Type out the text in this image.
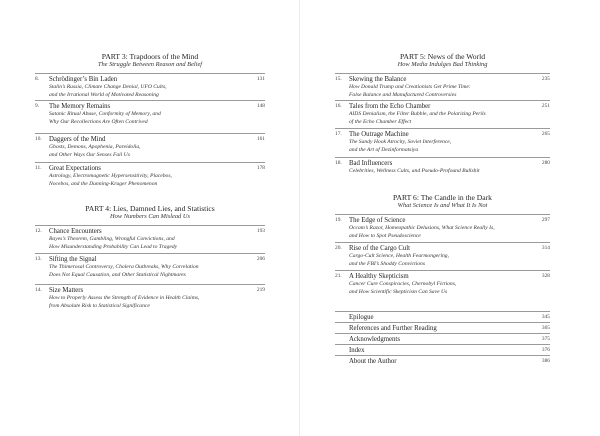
PART 3: Trapdoors of the Mind
The Struggle Between Reason and Belief
8. Schrödinger’s Bin Laden	131
Stalin’s Russia, Climate Change Denial, UFO Cults,
and the Irrational World of Motivated Reasoning
9. The Memory Remains	148
Satanic Ritual Abuse, Conformity of Memory, and
Why Our Recollections Are Often Contrived
10. Daggers of the Mind	161
Ghosts, Demons, Apophenia, Pareidolia,
and Other Ways Our Senses Fail Us
11. Great Expectations	178
Astrology, Electromagnetic Hypersensitivity, Placebos,
Nocebos, and the Dunning-Kruger Phenomenon
PART 4: Lies, Damned Lies, and Statistics
How Numbers Can Mislead Us
12. Chance Encounters	193
Bayes’s Theorem, Gambling, Wrongful Convictions, and
How Misunderstanding Probability Can Lead to Tragedy
13. Sifting the Signal	206
The Thimerosal Controversy, Cholera Outbreaks, Why Correlation
Does Not Equal Causation, and Other Statistical Nightmares
14. Size Matters	219
How to Properly Assess the Strength of Evidence in Health Claims,
from Absolute Risk to Statistical Significance
PART 5: News of the World
How Media Indulges Bad Thinking
15. Skewing the Balance	235
How Donald Trump and Creationists Get Prime Time:
False Balance and Manufactured Controversies
16. Tales from the Echo Chamber	251
AIDS Denialism, the Filter Bubble, and the Polarizing Perils
of the Echo Chamber Effect
17. The Outrage Machine	265
The Sandy Hook Atrocity, Soviet Interference,
and the Art of Dezinformatsiya
18. Bad Influencers	280
Celebrities, Wellness Cults, and Pseudo-Profound Bullshit
PART 6: The Candle in the Dark
What Science Is and What It Is Not
19. The Edge of Science	297
Occam’s Razor, Homeopathic Delusions, What Science Really Is,
and How to Spot Pseudoscience
20. Rise of the Cargo Cult	314
Cargo-Cult Science, Health Fearmongering,
and the FBI’s Shoddy Convictions
21. A Healthy Skepticism	328
Cancer Cure Conspiracies, Chernobyl Fictions,
and How Scientific Skepticism Can Save Us
Epilogue	345
References and Further Reading	365
Acknowledgments	375
Index	376
About the Author	386
